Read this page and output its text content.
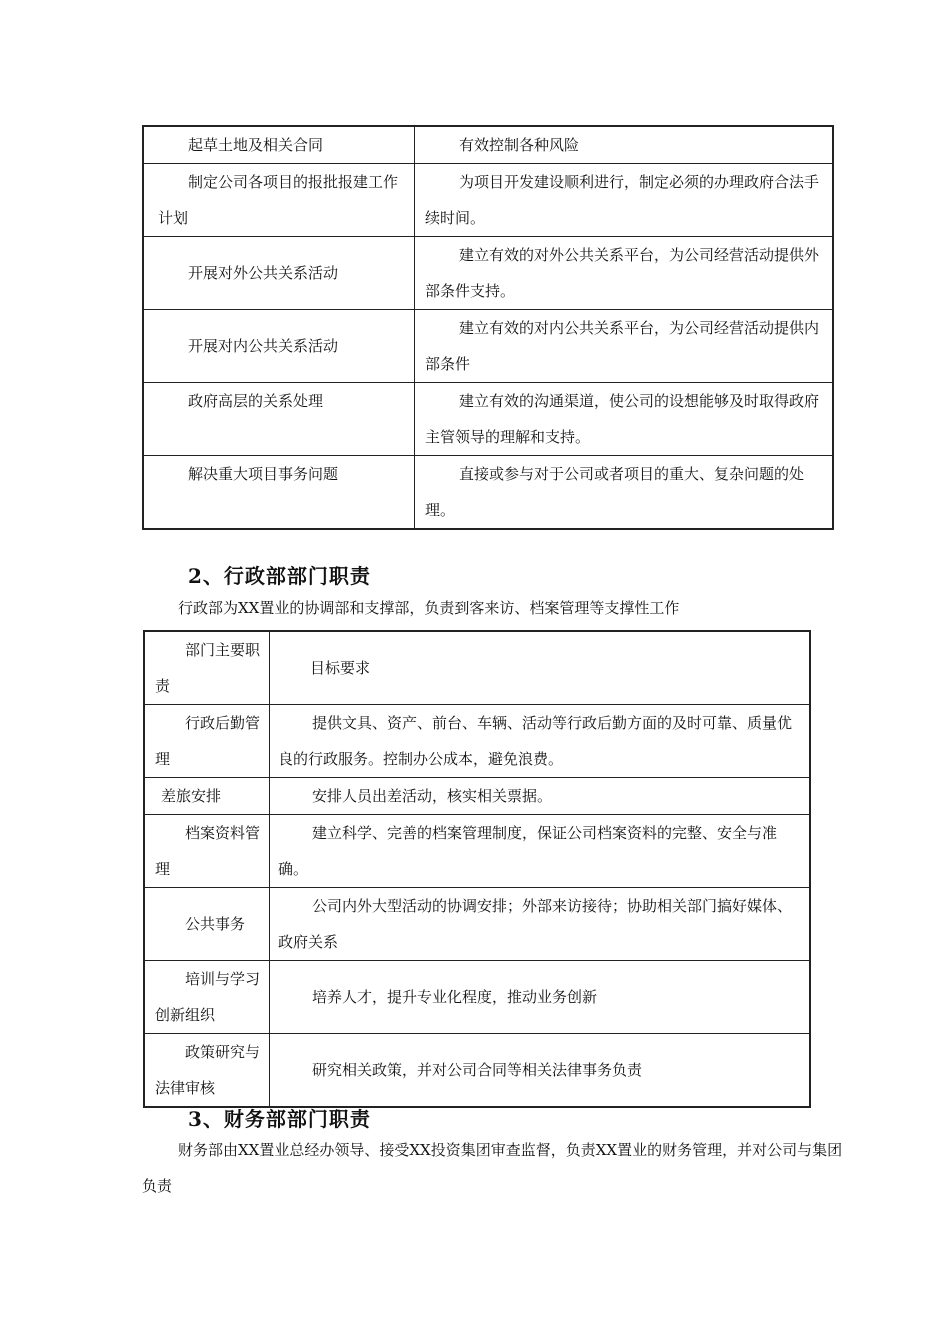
起草土地及相关合同	有效控制各种风险

制定公司各项目的报批报建工作计划	为项目开发建设顺利进行，制定必须的办理政府合法手续时间。

开展对外公共关系活动	建立有效的对外公共关系平台，为公司经营活动提供外部条件支持。

开展对内公共关系活动	建立有效的对内公共关系平台，为公司经营活动提供内部条件

政府高层的关系处理	建立有效的沟通渠道，使公司的设想能够及时取得政府主管领导的理解和支持。

解决重大项目事务问题	直接或参与对于公司或者项目的重大、复杂问题的处理。
2、行政部部门职责
行政部为XX置业的协调部和支撑部，负责到客来访、档案管理等支撑性工作
部门主要职责	目标要求

行政后勤管理	提供文具、资产、前台、车辆、活动等行政后勤方面的及时可靠、质量优良的行政服务。控制办公成本，避免浪费。

差旅安排	安排人员出差活动，核实相关票据。

档案资料管理	建立科学、完善的档案管理制度，保证公司档案资料的完整、安全与准确。

公共事务	公司内外大型活动的协调安排；外部来访接待；协助相关部门搞好媒体、政府关系

培训与学习创新组织	培养人才，提升专业化程度，推动业务创新

政策研究与法律审核	研究相关政策，并对公司合同等相关法律事务负责
3、财务部部门职责
财务部由XX置业总经办领导、接受XX投资集团审查监督，负责XX置业的财务管理，并对公司与集团负责
